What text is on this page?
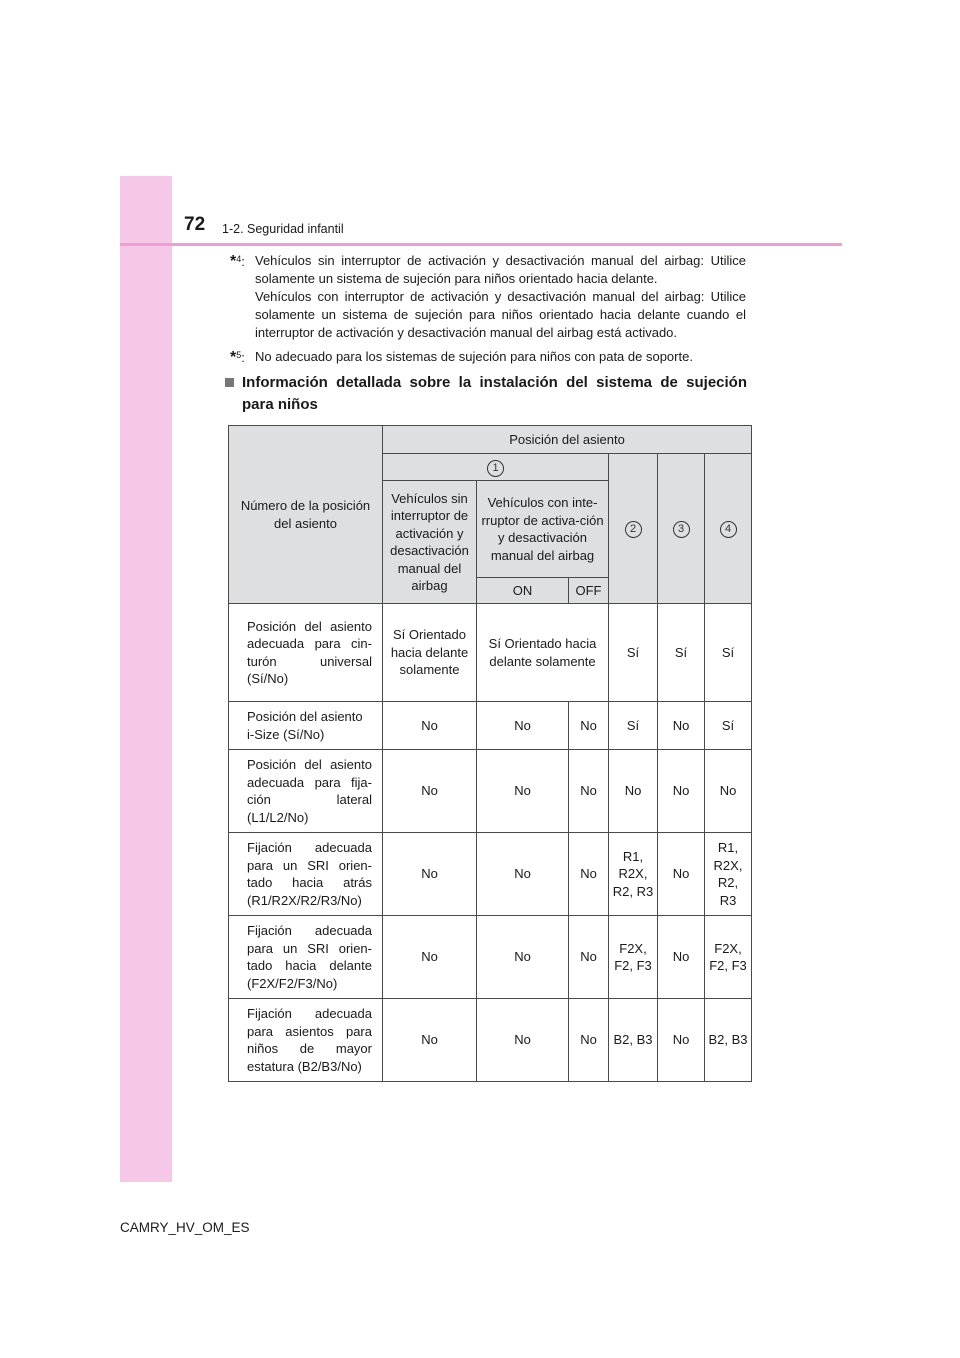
72 1-2. Seguridad infantil
*$^4$: Vehículos sin interruptor de activación y desactivación manual del airbag: Utilice solamente un sistema de sujeción para niños orientado hacia delante.

Vehículos con interruptor de activación y desactivación manual del airbag: Utilice solamente un sistema de sujeción para niños orientado hacia delante cuando el interruptor de activación y desactivación manual del airbag está activado.

*$^5$: No adecuado para los sistemas de sujeción para niños con pata de soporte.

Información detallada sobre la instalación del sistema de sujeción para niños
Número de la posición del asiento	Posición del asiento					
	1			2	3	4
	Vehículos sin interruptor de activación y desactivación manual del airbag	Vehículos con inte-rruptor de activa-ción y desactivación manual del airbag				
		ON	OFF			
Posición del asiento adecuada para cin-turón universal (Sí/No)	Sí Orientado hacia delante solamente	Sí Orientado hacia delante solamente		Sí	Sí	Sí
Posición del asiento i-Size (Sí/No)	No	No	No	Sí	No	Sí
Posición del asiento adecuada para fija-ción lateral (L1/L2/No)	No	No	No	No	No	No
Fijación adecuada para un SRI orien-tado hacia atrás (R1/R2X/R2/R3/No)	No	No	No	R1, R2X, R2, R3	No	R1, R2X, R2, R3
Fijación adecuada para un SRI orien-tado hacia delante (F2X/F2/F3/No)	No	No	No	F2X, F2, F3	No	F2X, F2, F3
Fijación adecuada para asientos para niños de mayor estatura (B2/B3/No)	No	No	No	B2, B3	No	B2, B3
CAMRY_HV_OM_ES
